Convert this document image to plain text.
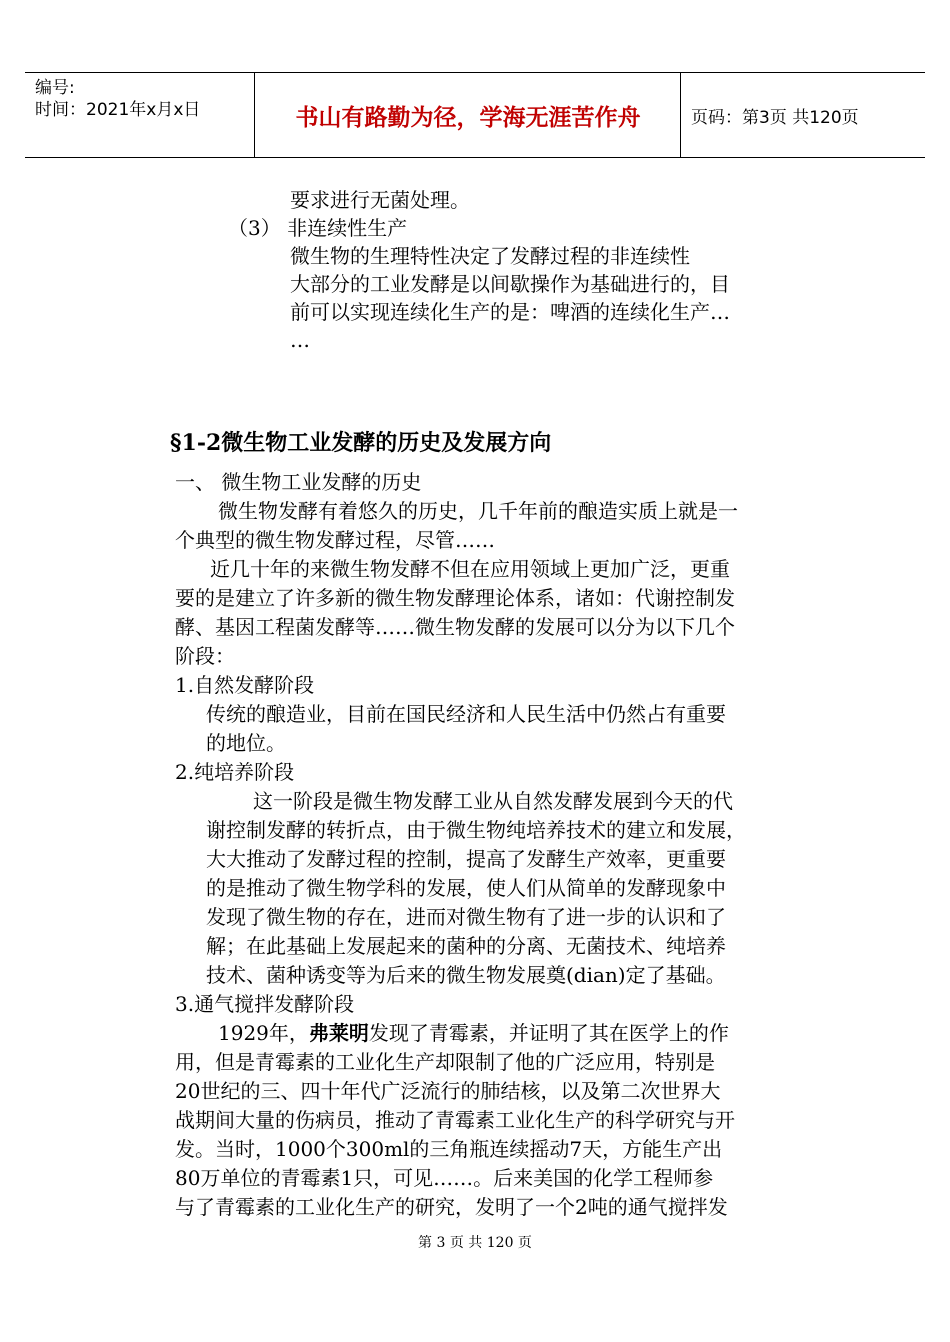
编号:
时间：2021年x月x日	书山有路勤为径，学海无涯苦作舟	页码：第3页 共120页
要求进行无菌处理。
（3） 非连续性生产
微生物的生理特性决定了发酵过程的非连续性
大部分的工业发酵是以间歇操作为基础进行的，目
前可以实现连续化生产的是：啤酒的连续化生产…
…
§1-2微生物工业发酵的历史及发展方向
一、 微生物工业发酵的历史
微生物发酵有着悠久的历史，几千年前的酿造实质上就是一
个典型的微生物发酵过程，尽管……
近几十年的来微生物发酵不但在应用领域上更加广泛，更重
要的是建立了许多新的微生物发酵理论体系，诸如：代谢控制发
酵、基因工程菌发酵等……微生物发酵的发展可以分为以下几个
阶段：
1.自然发酵阶段
传统的酿造业，目前在国民经济和人民生活中仍然占有重要
的地位。
2.纯培养阶段
这一阶段是微生物发酵工业从自然发酵发展到今天的代
谢控制发酵的转折点，由于微生物纯培养技术的建立和发展，
大大推动了发酵过程的控制，提高了发酵生产效率，更重要
的是推动了微生物学科的发展，使人们从简单的发酵现象中
发现了微生物的存在，进而对微生物有了进一步的认识和了
解；在此基础上发展起来的菌种的分离、无菌技术、纯培养
技术、菌种诱变等为后来的微生物发展奠(dian)定了基础。
3.通气搅拌发酵阶段
1929年，弗莱明发现了青霉素，并证明了其在医学上的作
用，但是青霉素的工业化生产却限制了他的广泛应用，特别是
20世纪的三、四十年代广泛流行的肺结核，以及第二次世界大
战期间大量的伤病员，推动了青霉素工业化生产的科学研究与开
发。当时，1000个300ml的三角瓶连续摇动7天，方能生产出
80万单位的青霉素1只，可见……。后来美国的化学工程师参
与了青霉素的工业化生产的研究，发明了一个2吨的通气搅拌发
第 3 页 共 120 页
